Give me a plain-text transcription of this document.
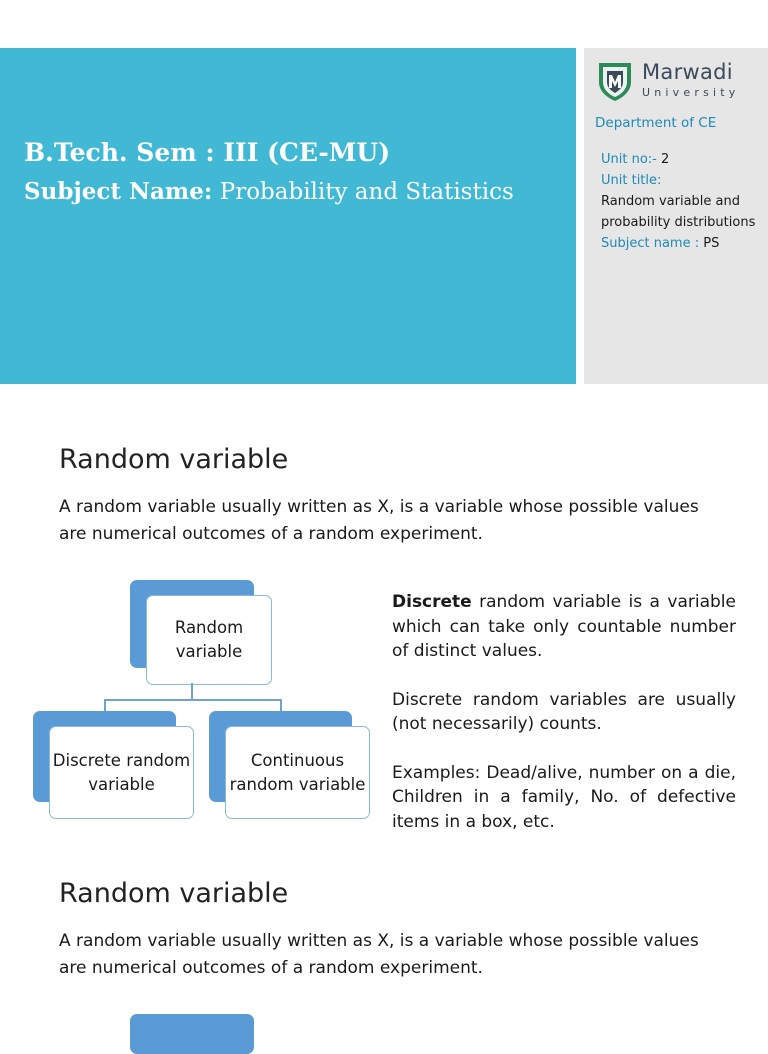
B.Tech. Sem : III (CE-MU)
Subject Name: Probability and Statistics
Marwadi
University
Department of CE
Unit no:- 2
Unit title:
Random variable and probability distributions
Subject name : PS
Random variable
A random variable usually written as X, is a variable whose possible values are numerical outcomes of a random experiment.
Random variable
Discrete random variable
Continuous random variable

Discrete random variable is a variable which can take only countable number of distinct values.

Discrete random variables are usually (not necessarily) counts.

Examples: Dead/alive, number on a die, Children in a family, No. of defective items in a box, etc.

Random variable
A random variable usually written as X, is a variable whose possible values are numerical outcomes of a random experiment.
